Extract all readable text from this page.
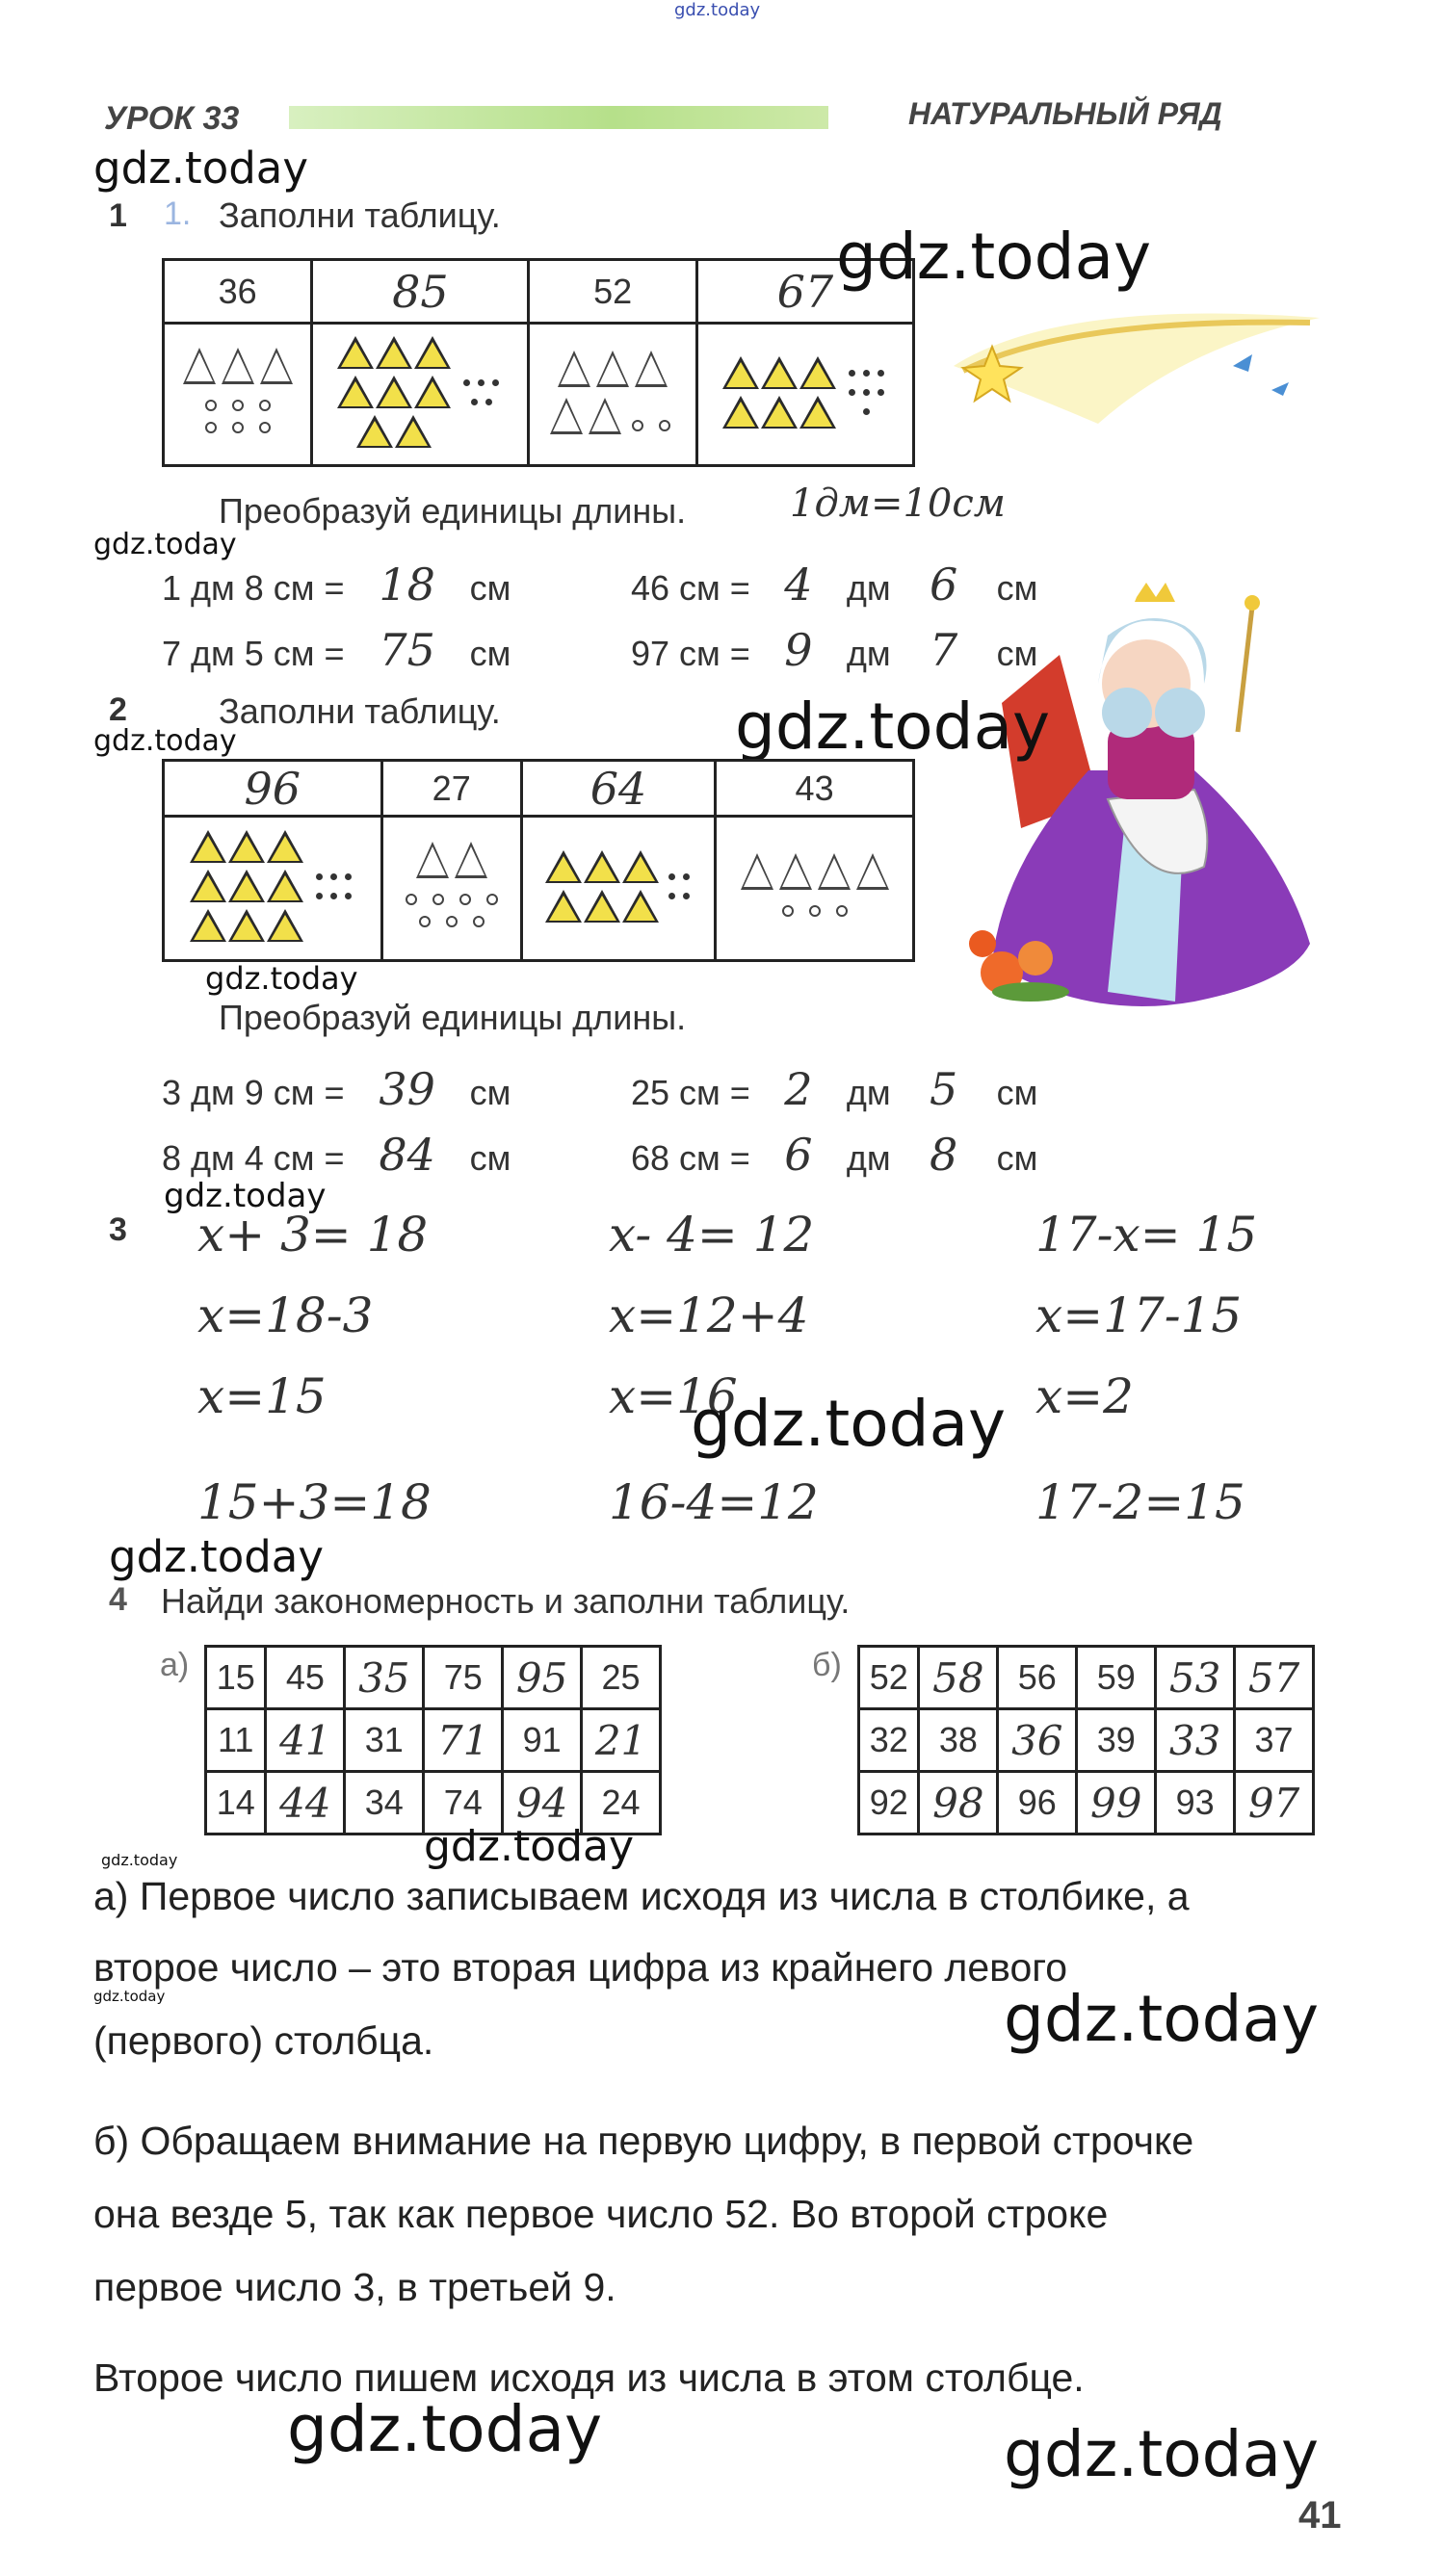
gdz.today
УРОК 33	НАТУРАЛЬНЫЙ РЯД
gdz.today
1 1. Заполни таблицу.
36	85	52	67

	gdz.today
Преобразуй единицы длины.	1дм=10см
gdz.today
1 дм 8 см = 18 см	46 см = 4 дм 6 см
7 дм 5 см = 75 см	97 см = 9 дм 7 см
2	Заполни таблицу.
gdz.today	gdz.today
96	27	64	43

gdz.today
Преобразуй единицы длины.
3 дм 9 см = 39 см	25 см = 2 дм 5 см
8 дм 4 см = 84 см	68 см = 6 дм 8 см
gdz.today
3 x+ 3= 18
x=18-3
x=15
15+3=18
x- 4= 12
x=12+4
x=16
16-4=12
17-x= 15
x=17-15
x=2
17-2=15
gdz.today
gdz.today
4 Найди закономерность и заполни таблицу.
а) 15	45	35	75	95	25
11	41	31	71	91	21
14	44	34	74	94	24
б) 52	58	56	59	53	57
32	38	36	39	33	37
92	98	96	99	93	97
gdz.today	gdz.today
а) Первое число записываем исходя из числа в столбике, а
второе число – это вторая цифра из крайнего левого
gdz.today
(первого) столбца.	gdz.today
б) Обращаем внимание на первую цифру, в первой строчке
она везде 5, так как первое число 52. Во второй строке
первое число 3, в третьей 9.
Второе число пишем исходя из числа в этом столбце.
gdz.today	gdz.today
41
